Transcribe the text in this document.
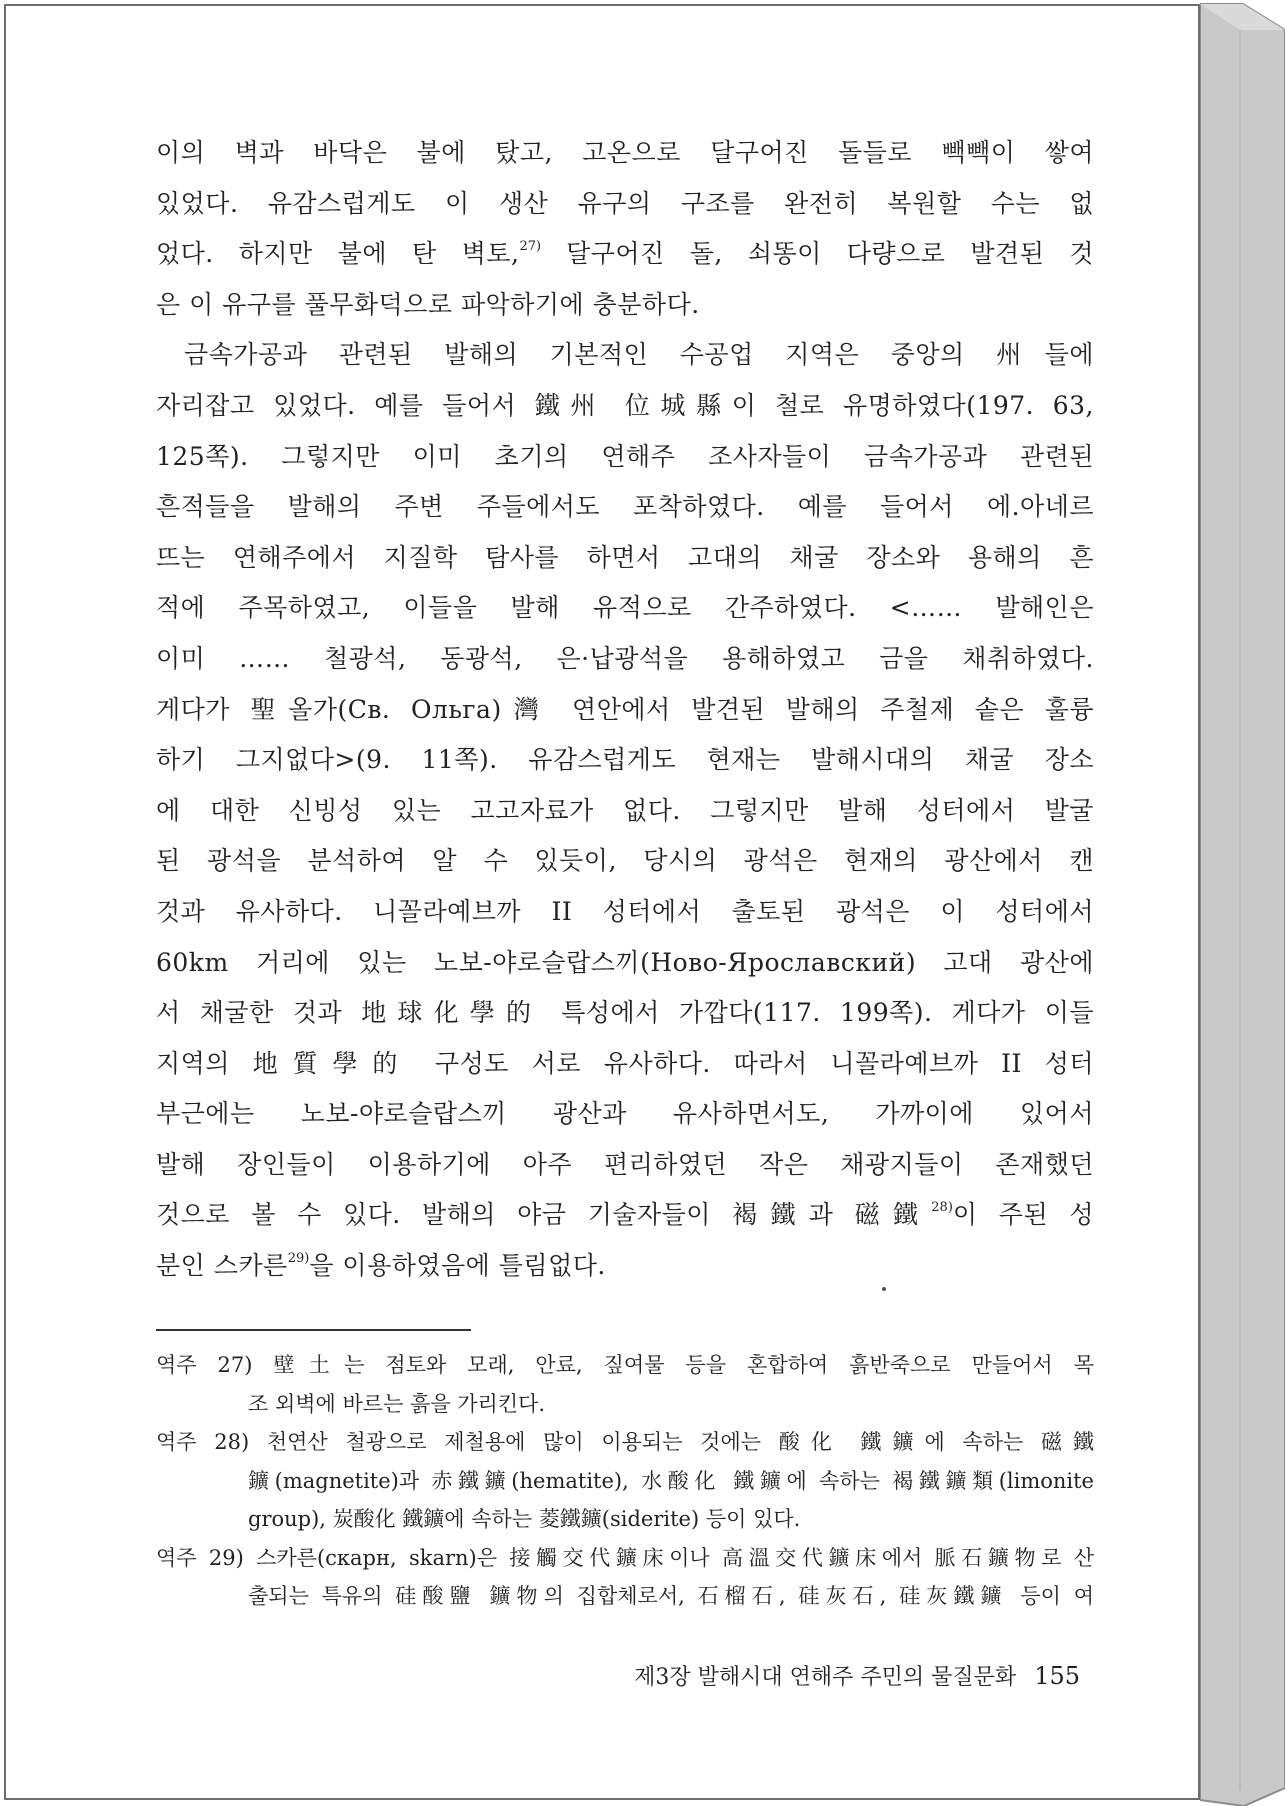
이의 벽과 바닥은 불에 탔고, 고온으로 달구어진 돌들로 빽빽이 쌓여
있었다. 유감스럽게도 이 생산 유구의 구조를 완전히 복원할 수는 없
었다. 하지만 불에 탄 벽토,$^{27)}$ 달구어진 돌, 쇠똥이 다량으로 발견된 것
은 이 유구를 풀무화덕으로 파악하기에 충분하다.
금속가공과 관련된 발해의 기본적인 수공업 지역은 중앙의 州들에
자리잡고 있었다. 예를 들어서 鐵州 位城縣이 철로 유명하였다(197. 63,
125쪽). 그렇지만 이미 초기의 연해주 조사자들이 금속가공과 관련된
흔적들을 발해의 주변 주들에서도 포착하였다. 예를 들어서 에.아네르
뜨는 연해주에서 지질학 탐사를 하면서 고대의 채굴 장소와 용해의 흔
적에 주목하였고, 이들을 발해 유적으로 간주하였다. <…… 발해인은
이미 …… 철광석, 동광석, 은·납광석을 용해하였고 금을 채취하였다.
게다가 聖올가(Св. Ольга)灣 연안에서 발견된 발해의 주철제 솥은 훌륭
하기 그지없다>(9. 11쪽). 유감스럽게도 현재는 발해시대의 채굴 장소
에 대한 신빙성 있는 고고자료가 없다. 그렇지만 발해 성터에서 발굴
된 광석을 분석하여 알 수 있듯이, 당시의 광석은 현재의 광산에서 캔
것과 유사하다. 니꼴라예브까 II 성터에서 출토된 광석은 이 성터에서
60km 거리에 있는 노보-야로슬랍스끼(Ново-Ярославский) 고대 광산에
서 채굴한 것과 地球化學的 특성에서 가깝다(117. 199쪽). 게다가 이들
지역의 地質學的 구성도 서로 유사하다. 따라서 니꼴라예브까 II 성터
부근에는 노보-야로슬랍스끼 광산과 유사하면서도, 가까이에 있어서
발해 장인들이 이용하기에 아주 편리하였던 작은 채광지들이 존재했던
것으로 볼 수 있다. 발해의 야금 기술자들이 褐鐵과 磁鐵$^{28)}$이 주된 성
분인 스카른$^{29)}$을 이용하였음에 틀림없다.
역주 27) 壁土는 점토와 모래, 안료, 짚여물 등을 혼합하여 흙반죽으로 만들어서 목
조 외벽에 바르는 흙을 가리킨다.
역주 28) 천연산 철광으로 제철용에 많이 이용되는 것에는 酸化 鐵鑛에 속하는 磁鐵
鑛(magnetite)과 赤鐵鑛(hematite), 水酸化 鐵鑛에 속하는 褐鐵鑛類(limonite
group), 炭酸化 鐵鑛에 속하는 菱鐵鑛(siderite) 등이 있다.
역주 29) 스카른(скарн, skarn)은 接觸交代鑛床이나 高溫交代鑛床에서 脈石鑛物로 산
출되는 특유의 硅酸鹽 鑛物의 집합체로서, 石榴石, 硅灰石, 硅灰鐵鑛 등이 여
제3장 발해시대 연해주 주민의 물질문화 155
